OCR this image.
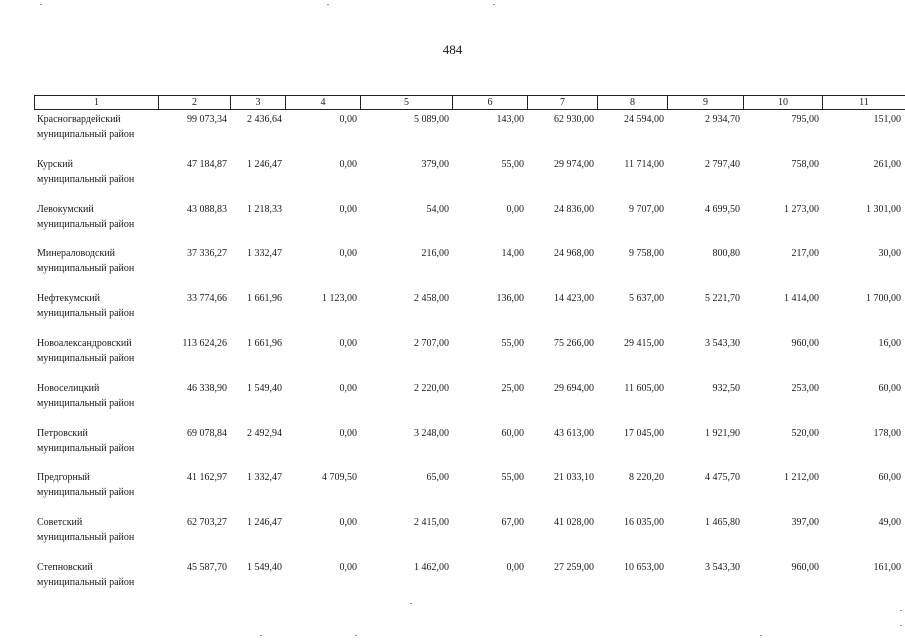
484
1	2	3	4	5	6	7	8	9	10	11
Красногвардейский
муниципальный район
99 073,34	2 436,64	0,00	5 089,00	143,00	62 930,00	24 594,00	2 934,70	795,00	151,00
Курский
муниципальный район
47 184,87	1 246,47	0,00	379,00	55,00	29 974,00	11 714,00	2 797,40	758,00	261,00
Левокумский
муниципальный район
43 088,83	1 218,33	0,00	54,00	0,00	24 836,00	9 707,00	4 699,50	1 273,00	1 301,00
Минераловодский
муниципальный район
37 336,27	1 332,47	0,00	216,00	14,00	24 968,00	9 758,00	800,80	217,00	30,00
Нефтекумский
муниципальный район
33 774,66	1 661,96	1 123,00	2 458,00	136,00	14 423,00	5 637,00	5 221,70	1 414,00	1 700,00
Новоалександровский
муниципальный район
113 624,26	1 661,96	0,00	2 707,00	55,00	75 266,00	29 415,00	3 543,30	960,00	16,00
Новоселицкий
муниципальный район
46 338,90	1 549,40	0,00	2 220,00	25,00	29 694,00	11 605,00	932,50	253,00	60,00
Петровский
муниципальный район
69 078,84	2 492,94	0,00	3 248,00	60,00	43 613,00	17 045,00	1 921,90	520,00	178,00
Предгорный
муниципальный район
41 162,97	1 332,47	4 709,50	65,00	55,00	21 033,10	8 220,20	4 475,70	1 212,00	60,00
Советский
муниципальный район
62 703,27	1 246,47	0,00	2 415,00	67,00	41 028,00	16 035,00	1 465,80	397,00	49,00
Степновский
муниципальный район
45 587,70	1 549,40	0,00	1 462,00	0,00	27 259,00	10 653,00	3 543,30	960,00	161,00
